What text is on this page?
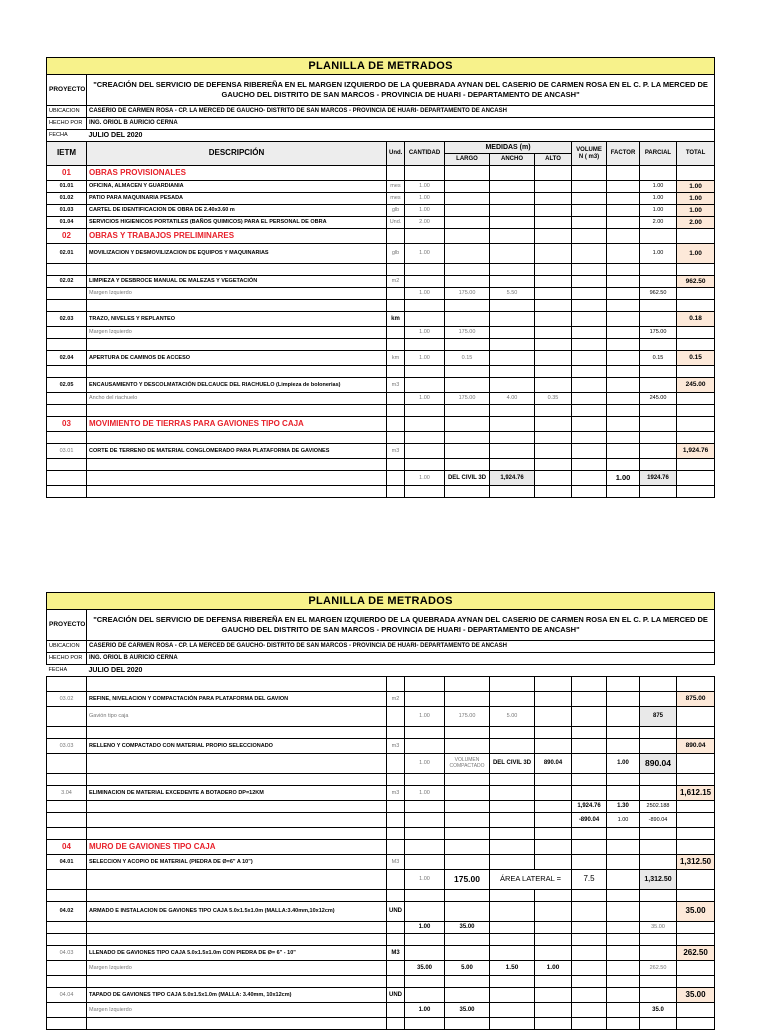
PLANILLA DE METRADOS										
PROYECTO	"CREACIÓN DEL SERVICIO DE DEFENSA RIBEREÑA EN EL MARGEN IZQUIERDO DE LA QUEBRADA AYNAN DEL CASERIO DE CARMEN ROSA EN EL C. P. LA MERCED DE GAUCHO DEL DISTRITO DE SAN MARCOS - PROVINCIA DE HUARI - DEPARTAMENTO DE ANCASH"									
UBICACION	CASERIO DE CARMEN ROSA - CP. LA MERCED DE GAUCHO- DISTRITO DE SAN MARCOS - PROVINCIA DE HUARI- DEPARTAMENTO DE ANCASH									
HECHO POR	ING. ORIOL B AURICIO CERNA									
FECHA	JULIO DEL 2020									
IETM	DESCRIPCIÓN	Und.	CANTIDAD	MEDIDAS (m)			VOLUME N ( m3)	FACTOR	PARCIAL	TOTAL
				LARGO	ANCHO	ALTO				
01	OBRAS PROVISIONALES									
01.01	OFICINA, ALMACEN Y GUARDIANIA	mes	1.00						1.00	1.00
01.02	PATIO PARA MAQUINARIA PESADA	mes	1.00						1.00	1.00
01.03	CARTEL DE IDENTIFICACION DE OBRA DE 2.40x3.60 m	glb	1.00						1.00	1.00
01.04	SERVICIOS HIGIENICOS PORTATILES (BAÑOS QUIMICOS) PARA EL PERSONAL DE OBRA	Und.	2.00						2.00	2.00
02	OBRAS Y TRABAJOS PRELIMINARES									
02.01	MOVILIZACION Y DESMOVILIZACION DE EQUIPOS Y MAQUINARIAS	glb	1.00						1.00	1.00

02.02	LIMPIEZA Y DESBROCE MANUAL DE MALEZAS Y VEGETACIÓN	m2								962.50
	Margen Izquierdo		1.00	175.00	5.50				962.50	

02.03	TRAZO, NIVELES Y REPLANTEO	km								0.18
	Margen Izquierdo		1.00	175.00					175.00	

02.04	APERTURA DE CAMINOS DE ACCESO	km	1.00	0.15					0.15	0.15

02.05	ENCAUSAMIENTO Y DESCOLMATACIÓN DELCAUCE DEL RIACHUELO (Limpieza de bolonerias)	m3								245.00
	Ancho del riachuelo		1.00	175.00	4.00	0.35			245.00	

03	MOVIMIENTO DE TIERRAS PARA GAVIONES TIPO CAJA									

03.01	CORTE DE TERRENO DE MATERIAL CONGLOMERADO PARA PLATAFORMA DE GAVIONES	m3								1,924.76

			1.00	DEL CIVIL 3D	1,924.76			1.00	1924.76	

PLANILLA DE METRADOS										
PROYECTO	"CREACIÓN DEL SERVICIO DE DEFENSA RIBEREÑA EN EL MARGEN IZQUIERDO DE LA QUEBRADA AYNAN DEL CASERIO DE CARMEN ROSA EN EL C. P. LA MERCED DE GAUCHO DEL DISTRITO DE SAN MARCOS - PROVINCIA DE HUARI - DEPARTAMENTO DE ANCASH"									
UBICACION	CASERIO DE CARMEN ROSA - CP. LA MERCED DE GAUCHO- DISTRITO DE SAN MARCOS - PROVINCIA DE HUARI- DEPARTAMENTO DE ANCASH									
HECHO POR	ING. ORIOL B AURICIO CERNA									
FECHA	JULIO DEL 2020									

03.02	REFINE, NIVELACION Y COMPACTACIÓN PARA PLATAFORMA DEL GAVION	m2								875.00
	Gavión tipo caja		1.00	175.00	5.00				875	

03.03	RELLENO Y COMPACTADO CON MATERIAL PROPIO SELECCIONADO	m3								890.04
			1.00	VOLUMEN COMPACTADO	DEL CIVIL 3D	890.04		1.00	890.04	

3.04	ELIMINACION DE MATERIAL EXCEDENTE A BOTADERO DP=12KM	m3	1.00							1,612.15
							1,924.76	1.30	2502.188	
							-890.04	1.00	-890.04	

04	MURO DE GAVIONES TIPO CAJA									
04.01	SELECCION Y ACOPIO DE MATERIAL (PIEDRA DE Ø=6" A 10")	M3								1,312.50
			1.00	175.00	ÁREA LATERAL =		7.5		1,312.50	

04.02	ARMADO E INSTALACION DE GAVIONES TIPO CAJA 5.0x1.5x1.0m (MALLA:3.40mm,10x12cm)	UND								35.00
			1.00	35.00					35.00	

04.03	LLENADO DE GAVIONES TIPO CAJA 5.0x1.5x1.0m CON PIEDRA DE Ø= 6" - 10"	M3								262.50
	Margen Izquierdo		35.00	5.00	1.50	1.00			262.50	

04.04	TAPADO DE GAVIONES TIPO CAJA 5.0x1.5x1.0m (MALLA: 3.40mm, 10x12cm)	UND								35.00
	Margen Izquierdo		1.00	35.00					35.0	
